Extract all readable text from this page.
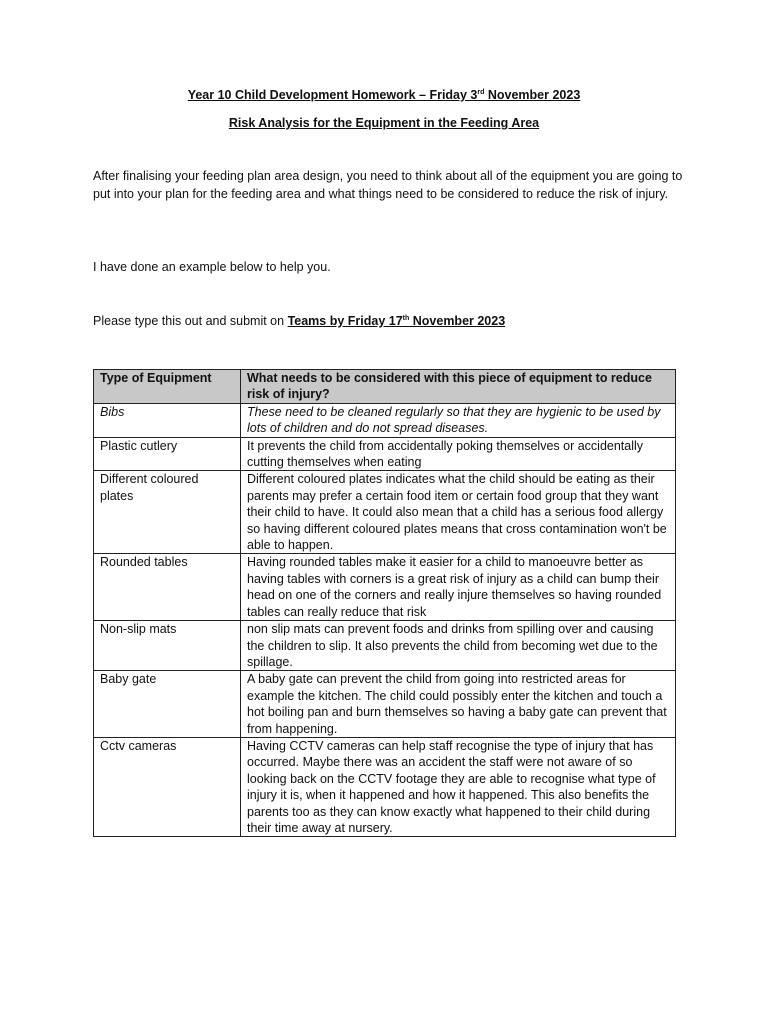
Year 10 Child Development Homework – Friday 3rd November 2023
Risk Analysis for the Equipment in the Feeding Area

After finalising your feeding plan area design, you need to think about all of the equipment you are going to put into your plan for the feeding area and what things need to be considered to reduce the risk of injury.

I have done an example below to help you.

Please type this out and submit on Teams by Friday 17th November 2023

Type of Equipment	What needs to be considered with this piece of equipment to reduce risk of injury?
Bibs	These need to be cleaned regularly so that they are hygienic to be used by lots of children and do not spread diseases.
Plastic cutlery	It prevents the child from accidentally poking themselves or accidentally cutting themselves when eating
Different coloured plates	Different coloured plates indicates what the child should be eating as their parents may prefer a certain food item or certain food group that they want their child to have. It could also mean that a child has a serious food allergy so having different coloured plates means that cross contamination won't be able to happen.
Rounded tables	Having rounded tables make it easier for a child to manoeuvre better as having tables with corners is a great risk of injury as a child can bump their head on one of the corners and really injure themselves so having rounded tables can really reduce that risk
Non-slip mats	non slip mats can prevent foods and drinks from spilling over and causing the children to slip. It also prevents the child from becoming wet due to the spillage.
Baby gate	A baby gate can prevent the child from going into restricted areas for example the kitchen. The child could possibly enter the kitchen and touch a hot boiling pan and burn themselves so having a baby gate can prevent that from happening.
Cctv cameras	Having CCTV cameras can help staff recognise the type of injury that has occurred. Maybe there was an accident the staff were not aware of so looking back on the CCTV footage they are able to recognise what type of injury it is, when it happened and how it happened. This also benefits the parents too as they can know exactly what happened to their child during their time away at nursery.
